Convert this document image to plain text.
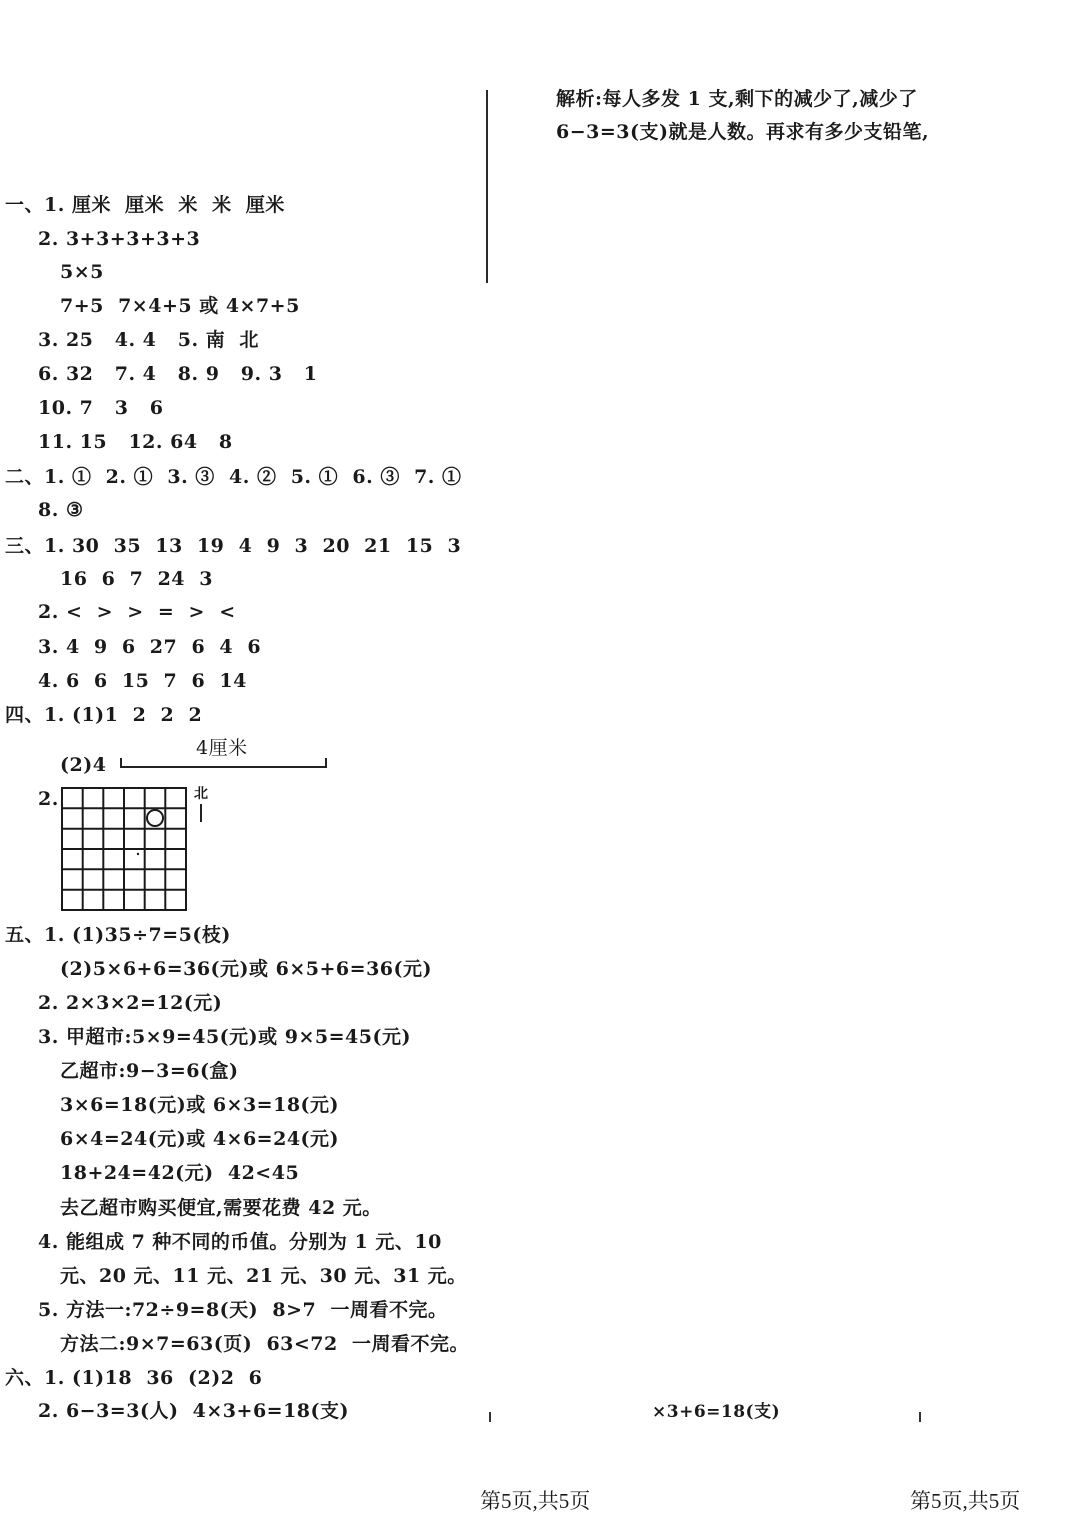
一、1. 厘米  厘米  米  米  厘米
2. 3+3+3+3+3
5×5
7+5  7×4+5 或 4×7+5
3. 25   4. 4   5. 南  北
6. 32   7. 4   8. 9   9. 3   1
10. 7   3   6
11. 15   12. 64   8
二、1. ①  2. ①  3. ③  4. ②  5. ①  6. ③  7. ①
8. ③
三、1. 30  35  13  19  4  9  3  20  21  15  3
16  6  7  24  3
2. <  >  >  =  >  <
3. 4  9  6  27  6  4  6
4. 6  6  15  7  6  14
四、1. (1)1  2  2  2
(2)4
4厘米
2.	北
五、1. (1)35÷7=5(枝)
(2)5×6+6=36(元)或 6×5+6=36(元)
2. 2×3×2=12(元)
3. 甲超市:5×9=45(元)或 9×5=45(元)
乙超市:9−3=6(盒)
3×6=18(元)或 6×3=18(元)
6×4=24(元)或 4×6=24(元)
18+24=42(元)  42<45
去乙超市购买便宜,需要花费 42 元。
4. 能组成 7 种不同的币值。分别为 1 元、10
元、20 元、11 元、21 元、30 元、31 元。
5. 方法一:72÷9=8(天)  8>7  一周看不完。
方法二:9×7=63(页)  63<72  一周看不完。
六、1. (1)18  36  (2)2  6
2. 6−3=3(人)  4×3+6=18(支)
解析:每人多发 1 支,剩下的减少了,减少了
6−3=3(支)就是人数。再求有多少支铅笔,
×3+6=18(支)
第5页,共5页	第5页,共5页
